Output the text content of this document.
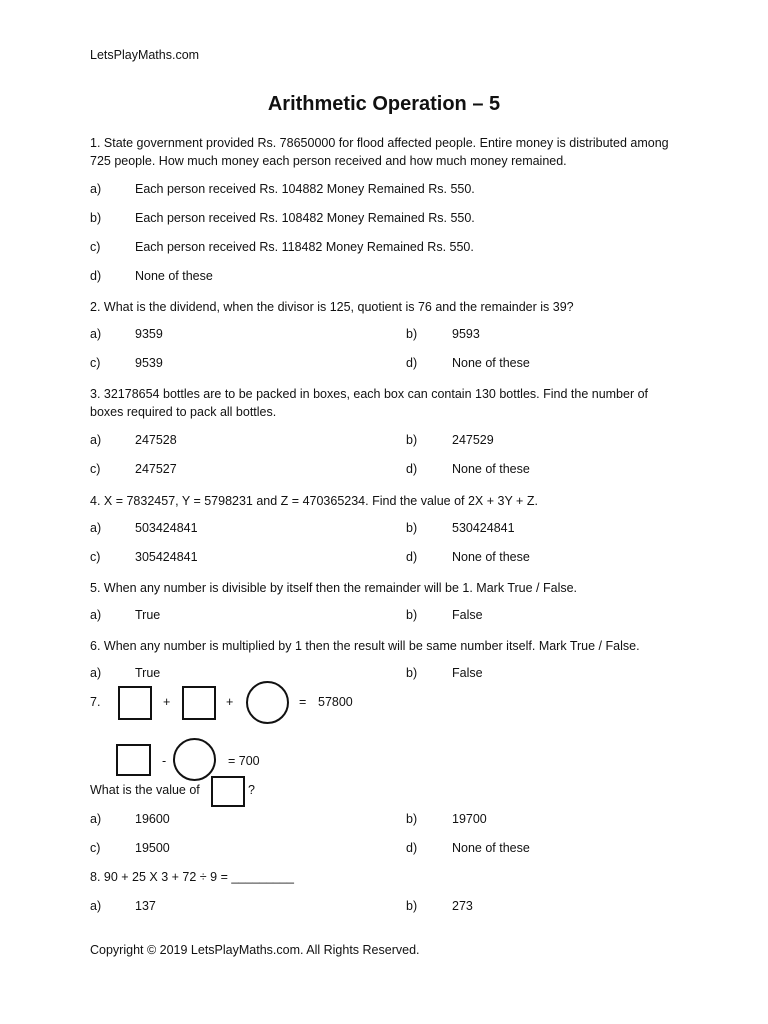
LetsPlayMaths.com
Arithmetic Operation – 5
1. State government provided Rs. 78650000 for flood affected people. Entire money is distributed among 725 people. How much money each person received and how much money remained.
a)	Each person received Rs. 104882 Money Remained Rs. 550.
b)	Each person received Rs. 108482 Money Remained Rs. 550.
c)	Each person received Rs. 118482 Money Remained Rs. 550.
d)	None of these
2. What is the dividend, when the divisor is 125, quotient is 76 and the remainder is 39?
a)	9359	b)	9593
c)	9539	d)	None of these
3. 32178654 bottles are to be packed in boxes, each box can contain 130 bottles. Find the number of boxes required to pack all bottles.
a)	247528	b)	247529
c)	247527	d)	None of these
4. X = 7832457, Y = 5798231 and Z = 470365234. Find the value of 2X + 3Y + Z.
a)	503424841	b)	530424841
c)	305424841	d)	None of these
5. When any number is divisible by itself then the remainder will be 1. Mark True / False.
a)	True	b)	False
6. When any number is multiplied by 1 then the result will be same number itself. Mark True / False.
a)	True	b)	False
7.	+	+	= 57800
-	= 700
What is the value of	?
a)	19600	b)	19700
c)	19500	d)	None of these
8. 90 + 25 X 3 + 72 ÷ 9 = _________
a)	137	b)	273
Copyright © 2019 LetsPlayMaths.com. All Rights Reserved.
